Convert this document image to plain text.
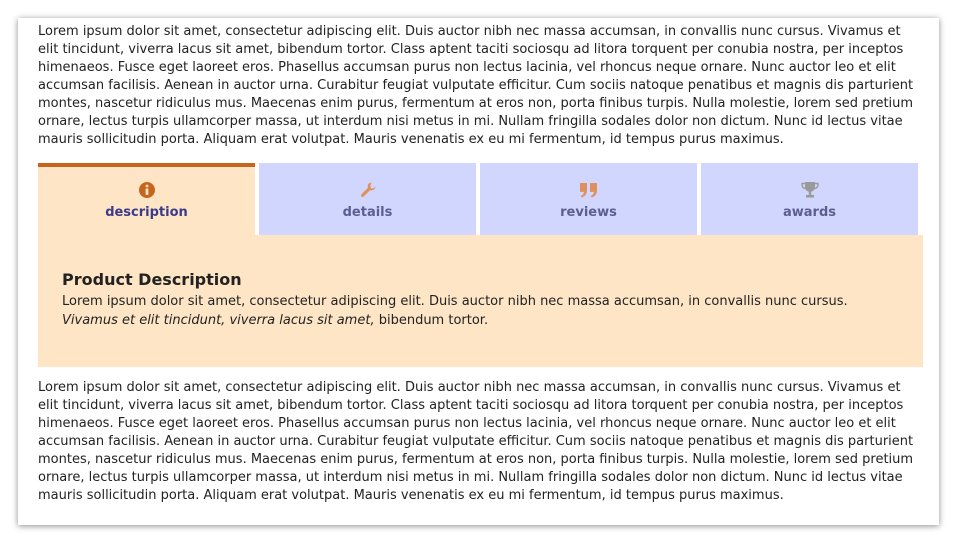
Lorem ipsum dolor sit amet, consectetur adipiscing elit. Duis auctor nibh nec massa accumsan, in convallis nunc cursus. Vivamus et elit tincidunt, viverra lacus sit amet, bibendum tortor. Class aptent taciti sociosqu ad litora torquent per conubia nostra, per inceptos himenaeos. Fusce eget laoreet eros. Phasellus accumsan purus non lectus lacinia, vel rhoncus neque ornare. Nunc auctor leo et elit accumsan facilisis. Aenean in auctor urna. Curabitur feugiat vulputate efficitur. Cum sociis natoque penatibus et magnis dis parturient montes, nascetur ridiculus mus. Maecenas enim purus, fermentum at eros non, porta finibus turpis. Nulla molestie, lorem sed pretium ornare, lectus turpis ullamcorper massa, ut interdum nisi metus in mi. Nullam fringilla sodales dolor non dictum. Nunc id lectus vitae mauris sollicitudin porta. Aliquam erat volutpat. Mauris venenatis ex eu mi fermentum, id tempus purus maximus.

description	details	reviews	awards
Product Description

Lorem ipsum dolor sit amet, consectetur adipiscing elit. Duis auctor nibh nec massa accumsan, in convallis nunc cursus.
Vivamus et elit tincidunt, viverra lacus sit amet, bibendum tortor.

Lorem ipsum dolor sit amet, consectetur adipiscing elit. Duis auctor nibh nec massa accumsan, in convallis nunc cursus. Vivamus et elit tincidunt, viverra lacus sit amet, bibendum tortor. Class aptent taciti sociosqu ad litora torquent per conubia nostra, per inceptos himenaeos. Fusce eget laoreet eros. Phasellus accumsan purus non lectus lacinia, vel rhoncus neque ornare. Nunc auctor leo et elit accumsan facilisis. Aenean in auctor urna. Curabitur feugiat vulputate efficitur. Cum sociis natoque penatibus et magnis dis parturient montes, nascetur ridiculus mus. Maecenas enim purus, fermentum at eros non, porta finibus turpis. Nulla molestie, lorem sed pretium ornare, lectus turpis ullamcorper massa, ut interdum nisi metus in mi. Nullam fringilla sodales dolor non dictum. Nunc id lectus vitae mauris sollicitudin porta. Aliquam erat volutpat. Mauris venenatis ex eu mi fermentum, id tempus purus maximus.
